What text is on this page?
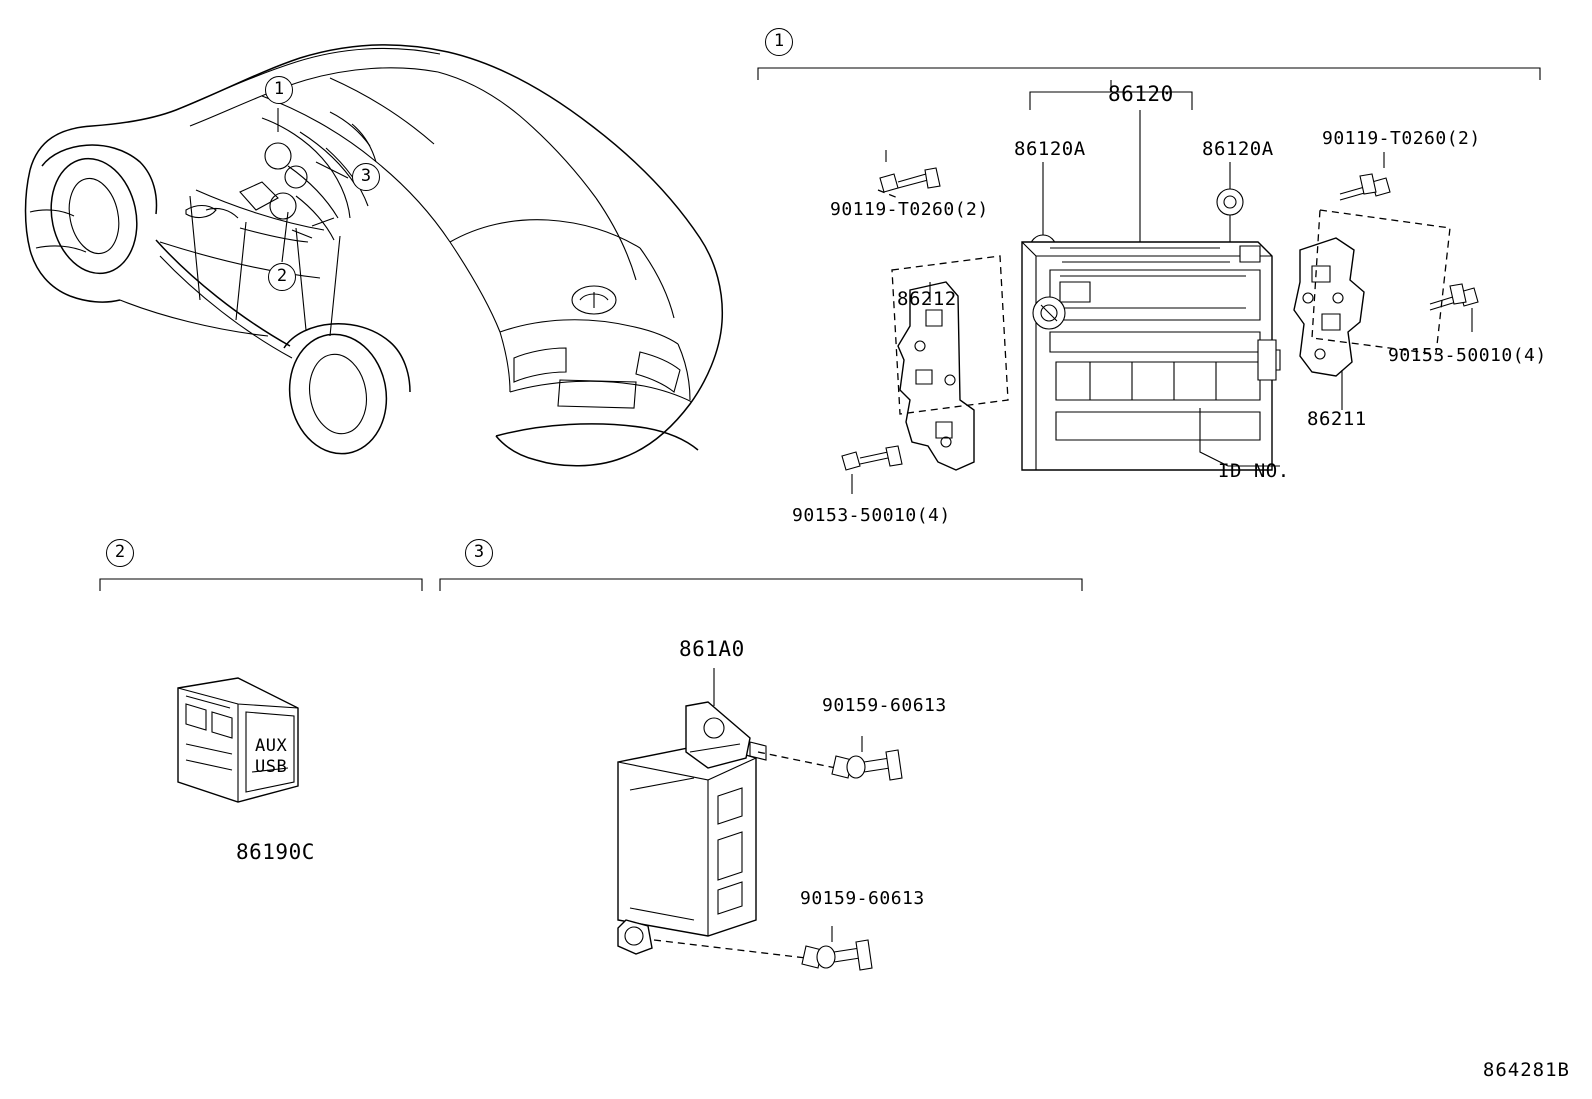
1
3
2
1
86120
86120A	86120A
86212
86211
90119-T0260(2)
90119-T0260(2)
90153-50010(4)
90153-50010(4)
ID NO.
2
AUX
USB
86190C
3
861A0
90159-60613
90159-60613
864281B
